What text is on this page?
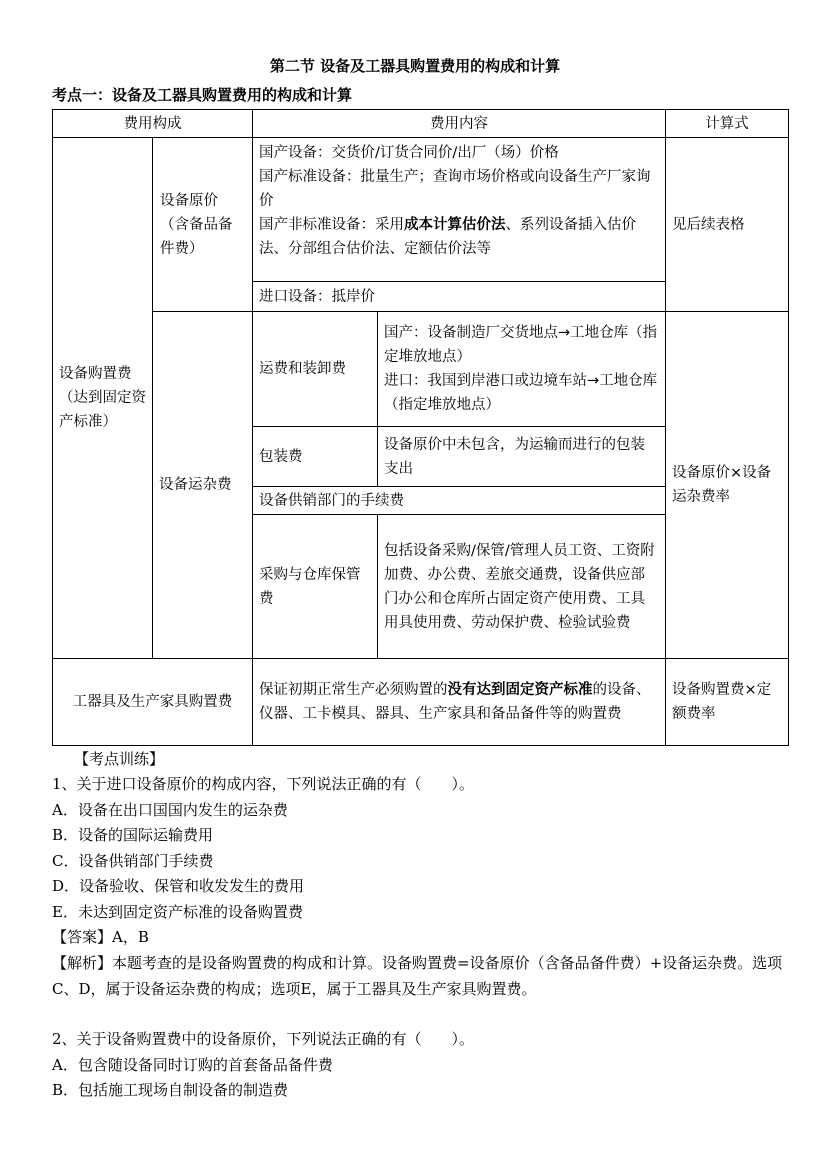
第二节 设备及工器具购置费用的构成和计算
考点一：设备及工器具购置费用的构成和计算
费用构成	费用内容	计算式
设备购置费（达到固定资产标准）
设备原价（含备品备件费）
国产设备：交货价/订货合同价/出厂（场）价格
国产标准设备：批量生产；查询市场价格或向设备生产厂家询价
国产非标准设备：采用成本计算估价法、系列设备插入估价法、分部组合估价法、定额估价法等
进口设备：抵岸价
见后续表格
设备运杂费
运费和装卸费
国产：设备制造厂交货地点→工地仓库（指定堆放地点）
进口：我国到岸港口或边境车站→工地仓库（指定堆放地点）
包装费
设备原价中未包含，为运输而进行的包装支出
设备供销部门的手续费
采购与仓库保管费
包括设备采购/保管/管理人员工资、工资附加费、办公费、差旅交通费，设备供应部门办公和仓库所占固定资产使用费、工具用具使用费、劳动保护费、检验试验费
设备原价×设备运杂费率
工器具及生产家具购置费
保证初期正常生产必须购置的没有达到固定资产标准的设备、仪器、工卡模具、器具、生产家具和备品备件等的购置费
设备购置费×定额费率
【考点训练】
1、关于进口设备原价的构成内容，下列说法正确的有（　　）。
A．设备在出口国国内发生的运杂费
B．设备的国际运输费用
C．设备供销部门手续费
D．设备验收、保管和收发发生的费用
E．未达到固定资产标准的设备购置费
【答案】A，B
【解析】本题考查的是设备购置费的构成和计算。设备购置费=设备原价（含备品备件费）+设备运杂费。选项C、D，属于设备运杂费的构成；选项E，属于工器具及生产家具购置费。
2、关于设备购置费中的设备原价，下列说法正确的有（　　）。
A．包含随设备同时订购的首套备品备件费
B．包括施工现场自制设备的制造费
